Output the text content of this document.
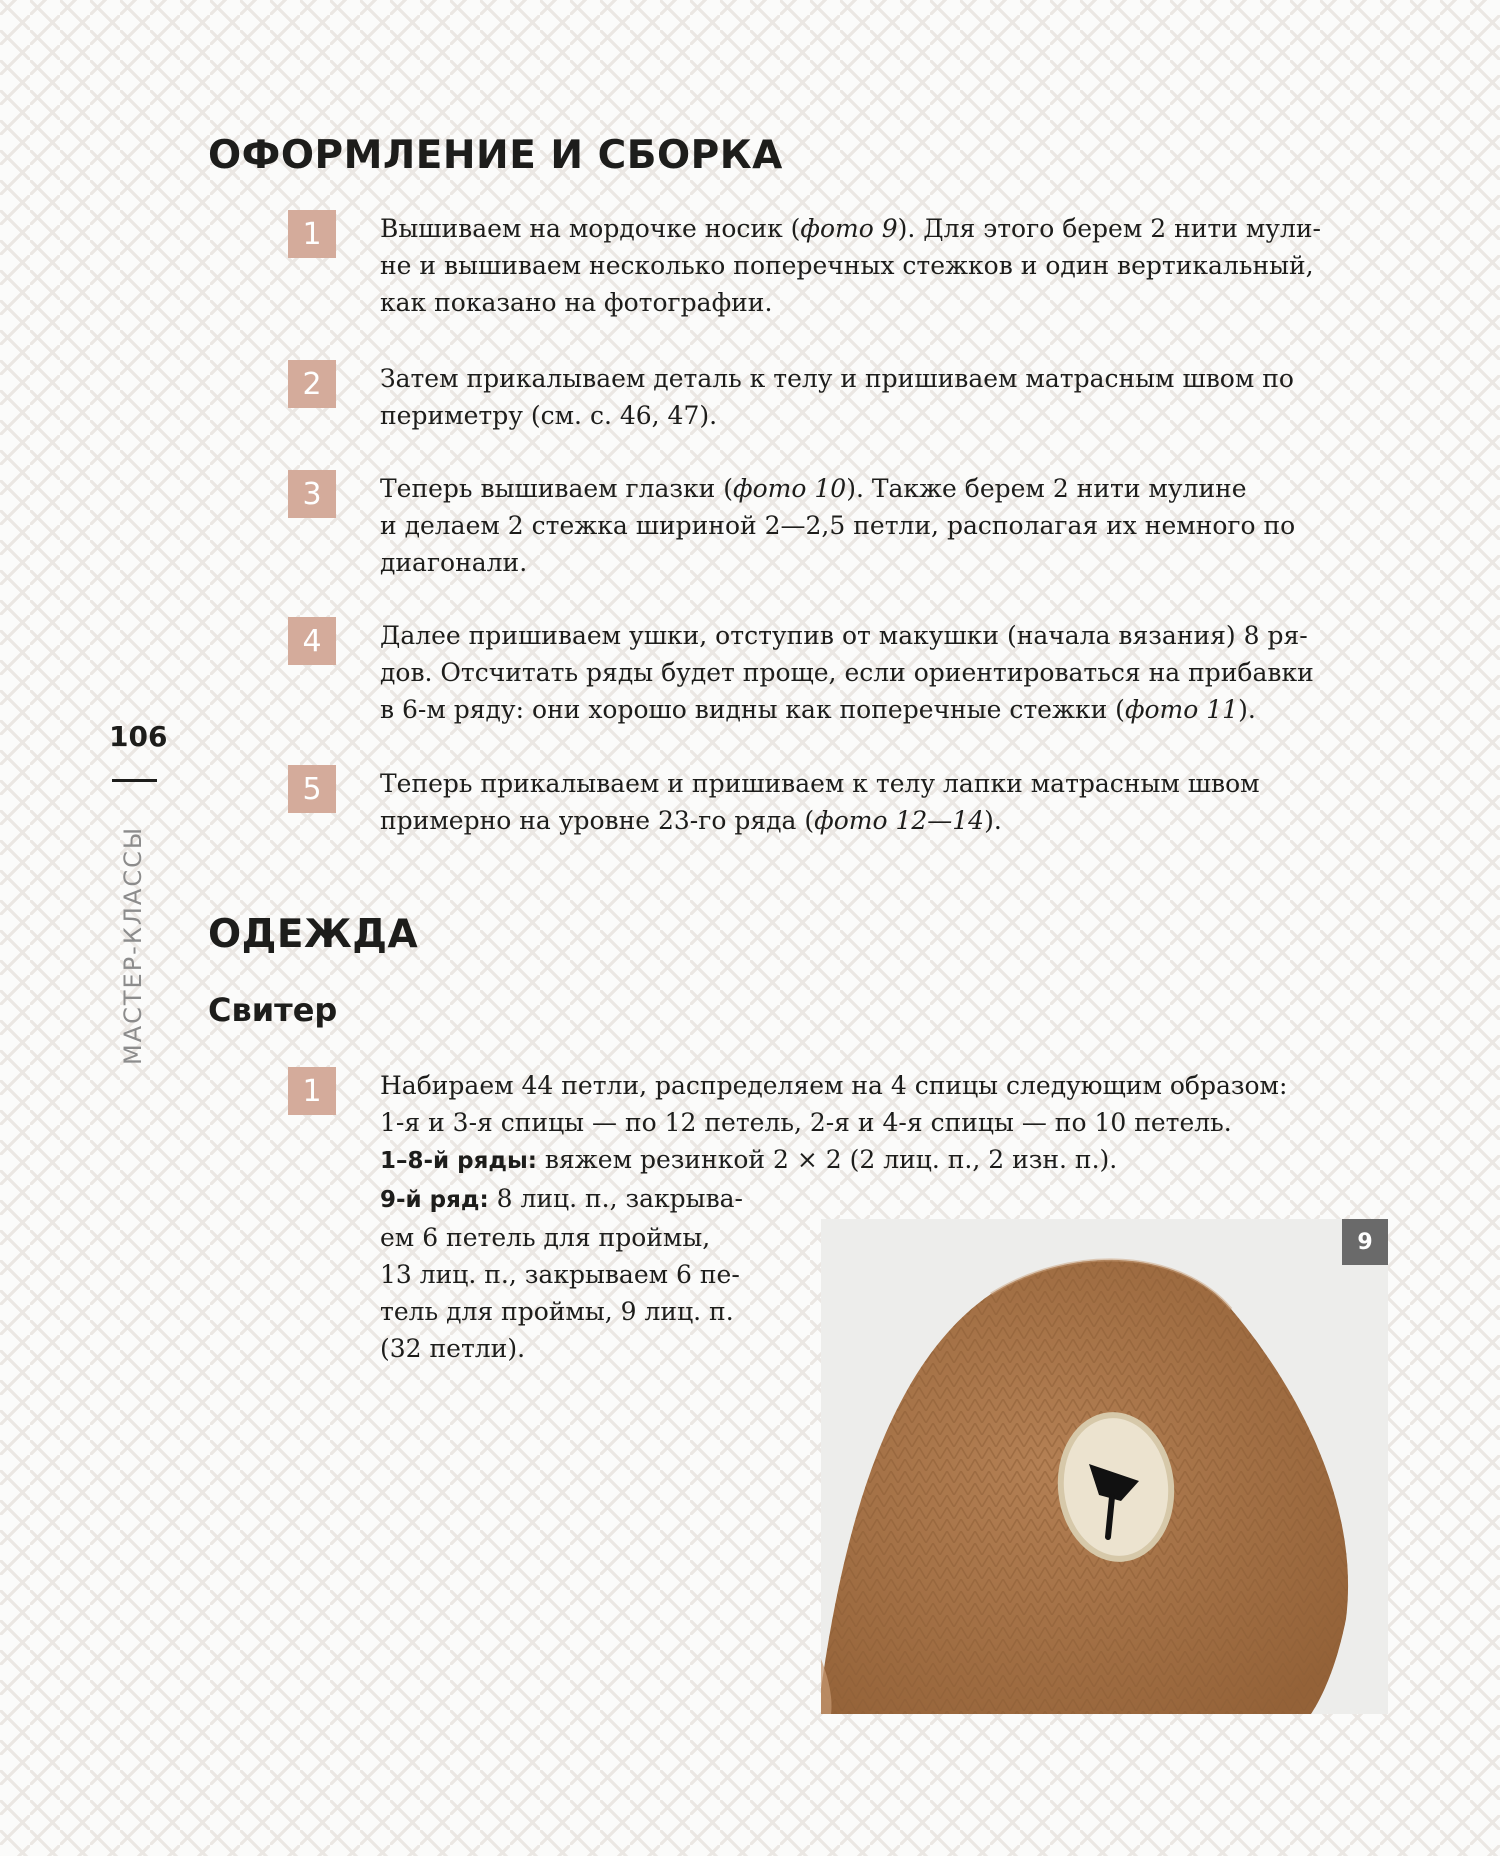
ОФОРМЛЕНИЕ И СБОРКА
1	Вышиваем на мордочке носик (фото 9). Для этого берем 2 нити мули-

не и вышиваем несколько поперечных стежков и один вертикальный,

как показано на фотографии.

2	Затем прикалываем деталь к телу и пришиваем матрасным швом по

периметру (см. с. 46, 47).

3	Теперь вышиваем глазки (фото 10). Также берем 2 нити мулине

и делаем 2 стежка шириной 2—2,5 петли, располагая их немного по

диагонали.

4	Далее пришиваем ушки, отступив от макушки (начала вязания) 8 ря-

дов. Отсчитать ряды будет проще, если ориентироваться на прибавки

в 6-м ряду: они хорошо видны как поперечные стежки (фото 11).

5	Теперь прикалываем и пришиваем к телу лапки матрасным швом

примерно на уровне 23-го ряда (фото 12—14).

ОДЕЖДА
Свитер
1	Набираем 44 петли, распределяем на 4 спицы следующим образом:

1-я и 3-я спицы — по 12 петель, 2-я и 4-я спицы — по 10 петель.

1–8-й ряды: вяжем резинкой 2 × 2 (2 лиц. п., 2 изн. п.).

9-й ряд: 8 лиц. п., закрыва-

ем 6 петель для проймы,

13 лиц. п., закрываем 6 пе-

тель для проймы, 9 лиц. п.

(32 петли).

106
МАСТЕР-КЛАССЫ
9
